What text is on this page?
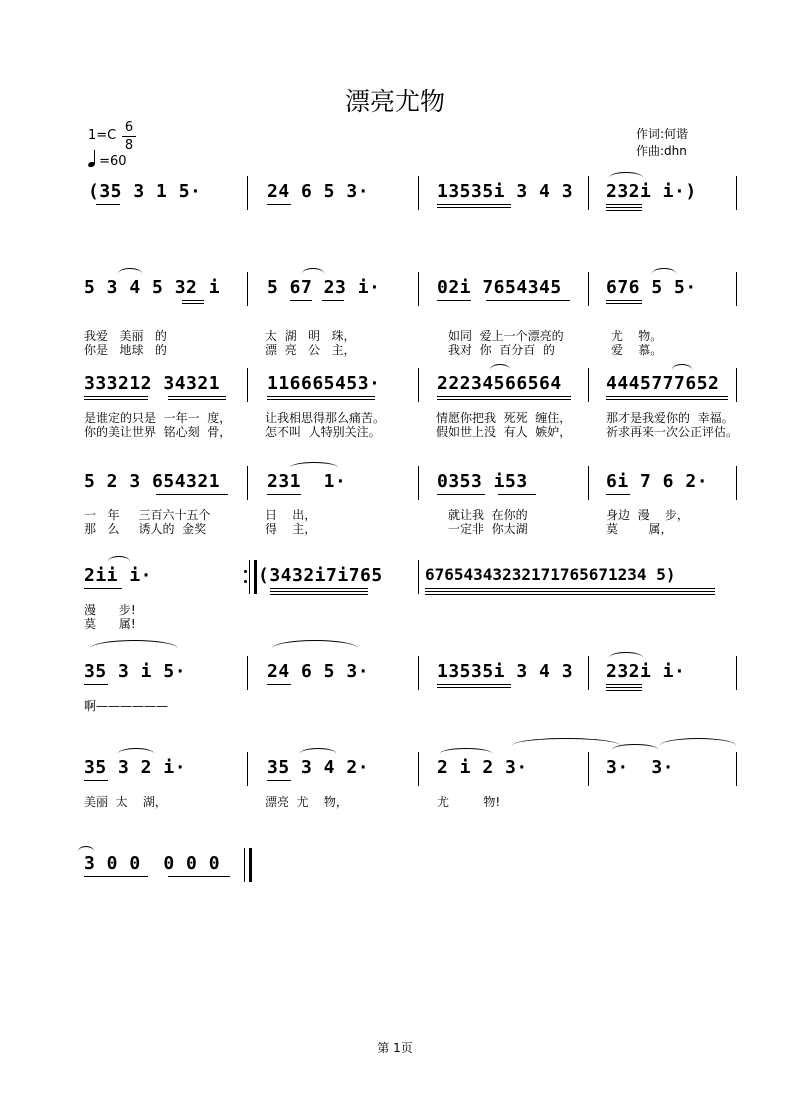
漂亮尤物
1=C
6
8
=60
作词:何谐
作曲:dhn
(35 3 1 5·	24 6 5 3·	13535i 3 4 3 232i i·)
5 3 4 5 32 i	5 67 23 i·	02i 7654345 676 5 5·
我爱   美丽   的	太  湖   明   珠，	如同  爱上一个漂亮的	尤    物。
你是   地球   的	漂  亮   公   主，	我对  你  百分百  的	爱    慕。
333212 34321	116665453·	22234566564 4445777652
是谁定的只是  一年一  度，	让我相思得那么痛苦。	情愿你把我  死死  缠住，	那才是我爱你的  幸福。
你的美让世界  铭心刻  骨，	怎不叫  人特别关注。	假如世上没  有人  嫉妒，	祈求再来一次公正评估。
5 2 3 654321	231  1·	0353 i53	6i 7 6 2·
一   年     三百六十五个	日    出，	就让我  在你的	身边  漫    步，
那   么     诱人的  金奖	得    主，	一定非  你太湖	莫        属，
2ii i·	(3432i7i765	67654343232171765671234 5)
漫      步!
莫      属!
35 3 i 5·	24 6 5 3·	13535i 3 4 3 232i i·
啊——————
35 3 2 i·	35 3 4 2·	2 i 2 3·	3·  3·
美丽  太    湖，	漂亮  尤    物，	尤         物!
3 0 0  0 0 0
第 1页
